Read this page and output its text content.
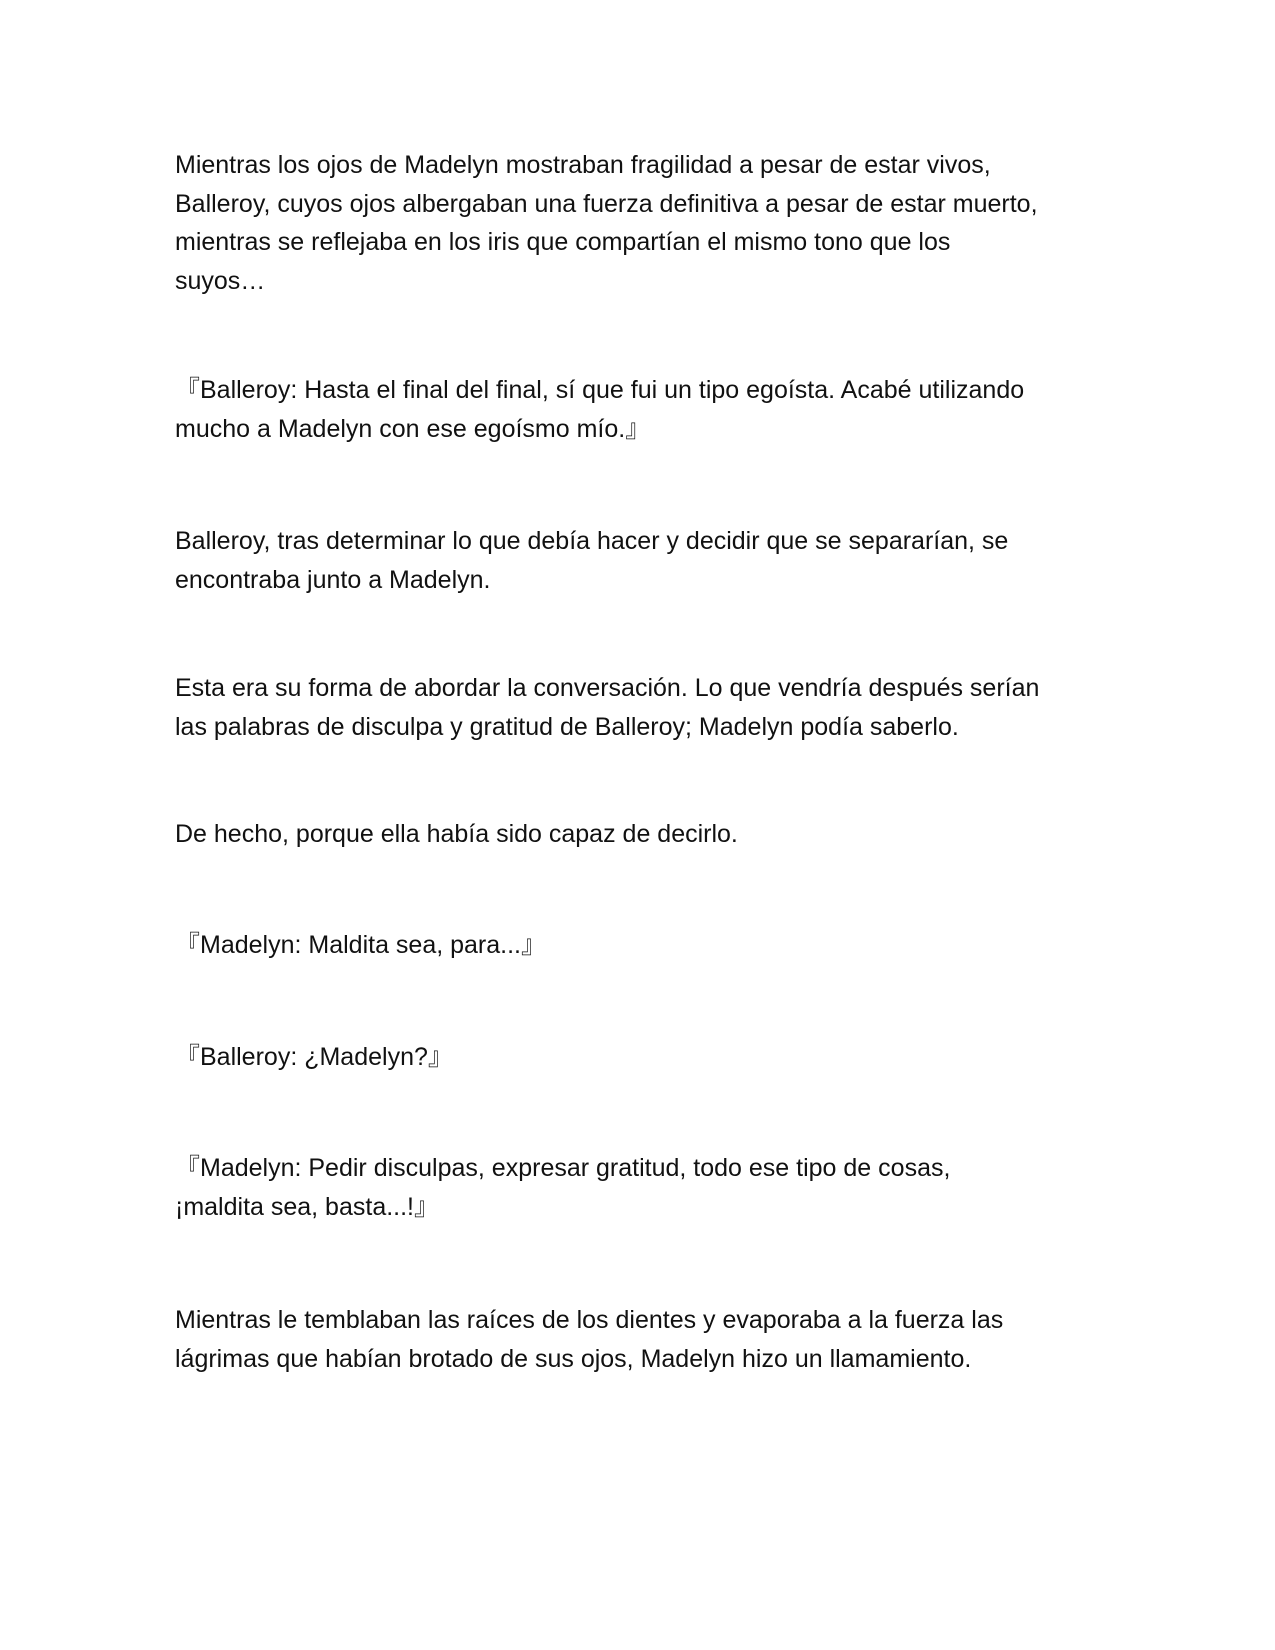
Mientras los ojos de Madelyn mostraban fragilidad a pesar de estar vivos,
Balleroy, cuyos ojos albergaban una fuerza definitiva a pesar de estar muerto,
mientras se reflejaba en los iris que compartían el mismo tono que los
suyos…

『Balleroy: Hasta el final del final, sí que fui un tipo egoísta. Acabé utilizando
mucho a Madelyn con ese egoísmo mío.』

Balleroy, tras determinar lo que debía hacer y decidir que se separarían, se
encontraba junto a Madelyn.

Esta era su forma de abordar la conversación. Lo que vendría después serían
las palabras de disculpa y gratitud de Balleroy; Madelyn podía saberlo.

De hecho, porque ella había sido capaz de decirlo.

『Madelyn: Maldita sea, para...』

『Balleroy: ¿Madelyn?』

『Madelyn: Pedir disculpas, expresar gratitud, todo ese tipo de cosas,
¡maldita sea, basta...!』

Mientras le temblaban las raíces de los dientes y evaporaba a la fuerza las
lágrimas que habían brotado de sus ojos, Madelyn hizo un llamamiento.
